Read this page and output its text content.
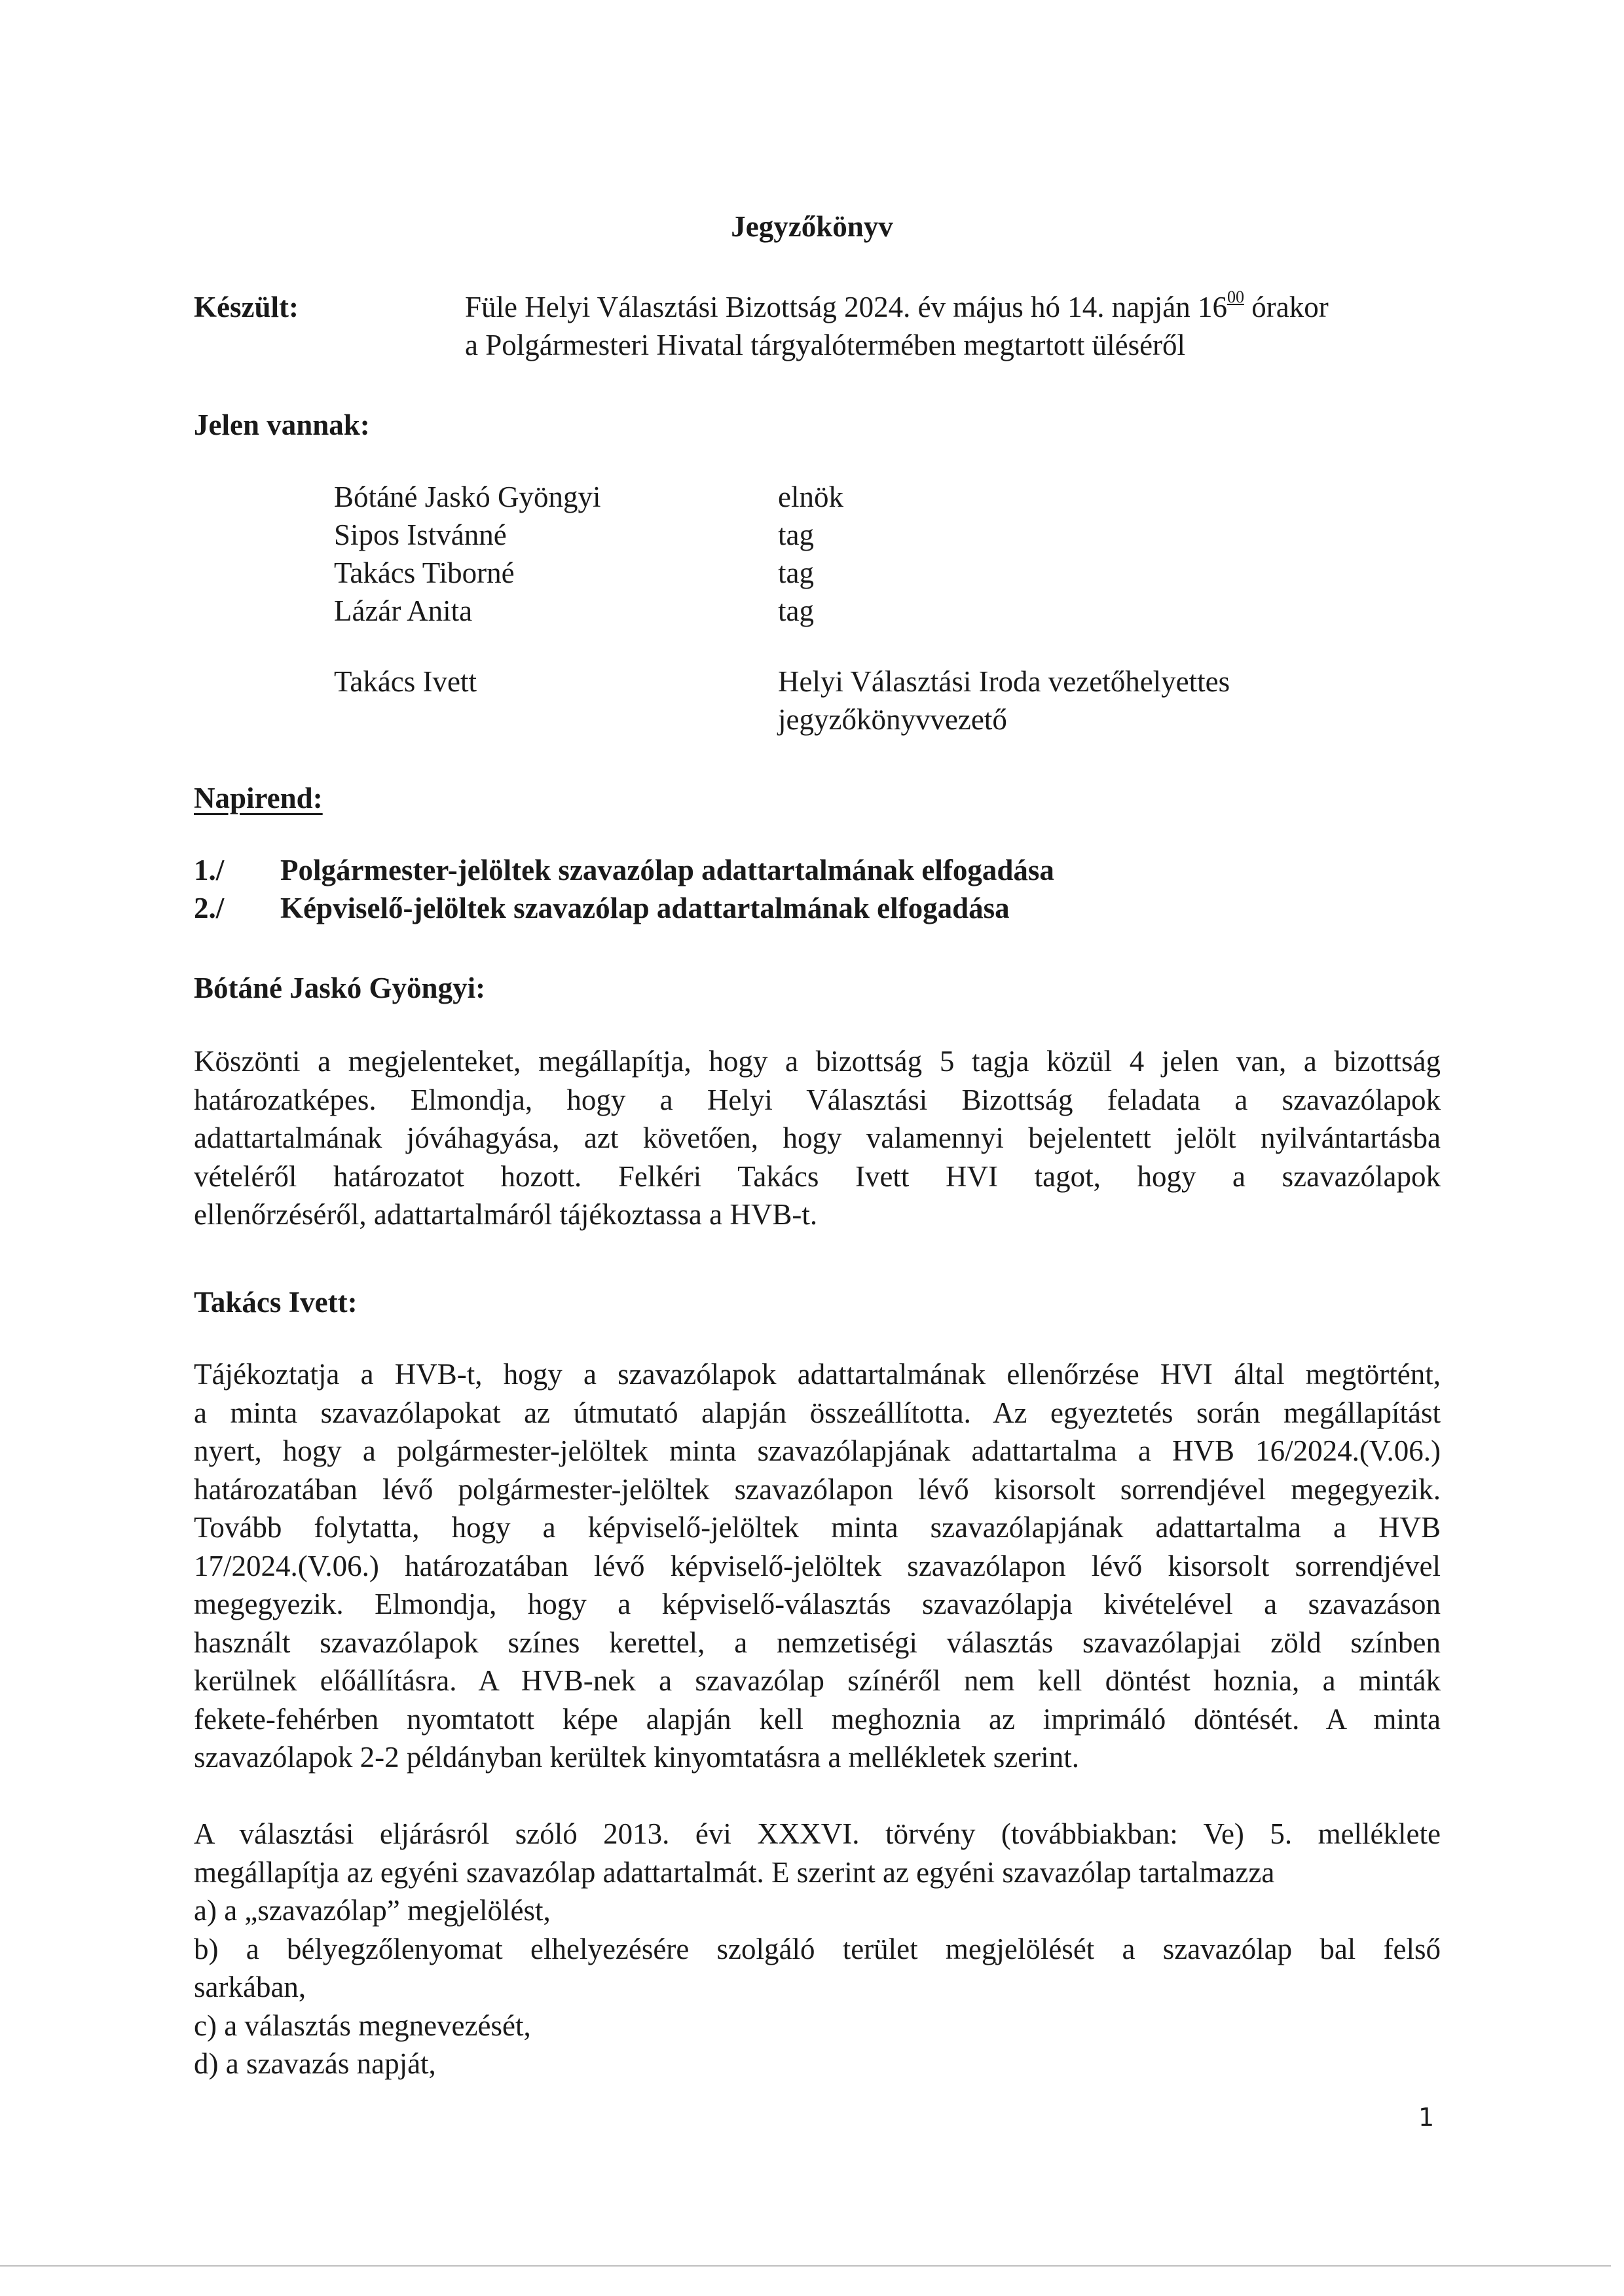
Jegyzőkönyv
Készült:	Füle Helyi Választási Bizottság 2024. év május hó 14. napján $16^{00}$ órakor
a Polgármesteri Hivatal tárgyalótermében megtartott üléséről
Jelen vannak:
Bótáné Jaskó Gyöngyi	elnök
Sipos Istvánné	tag
Takács Tiborné	tag
Lázár Anita	tag
Takács Ivett	Helyi Választási Iroda vezetőhelyettes
jegyzőkönyvvezető
Napirend:
1./ Polgármester-jelöltek szavazólap adattartalmának elfogadása
2./ Képviselő-jelöltek szavazólap adattartalmának elfogadása
Bótáné Jaskó Gyöngyi:
Köszönti a megjelenteket, megállapítja, hogy a bizottság 5 tagja közül 4 jelen van, a bizottság
határozatképes. Elmondja, hogy a Helyi Választási Bizottság feladata a szavazólapok
adattartalmának jóváhagyása, azt követően, hogy valamennyi bejelentett jelölt nyilvántartásba
vételéről határozatot hozott. Felkéri Takács Ivett HVI tagot, hogy a szavazólapok
ellenőrzéséről, adattartalmáról tájékoztassa a HVB-t.
Takács Ivett:
Tájékoztatja a HVB-t, hogy a szavazólapok adattartalmának ellenőrzése HVI által megtörtént,
a minta szavazólapokat az útmutató alapján összeállította. Az egyeztetés során megállapítást
nyert, hogy a polgármester-jelöltek minta szavazólapjának adattartalma a HVB 16/2024.(V.06.)
határozatában lévő polgármester-jelöltek szavazólapon lévő kisorsolt sorrendjével megegyezik.
Tovább folytatta, hogy a képviselő-jelöltek minta szavazólapjának adattartalma a HVB
17/2024.(V.06.) határozatában lévő képviselő-jelöltek szavazólapon lévő kisorsolt sorrendjével
megegyezik. Elmondja, hogy a képviselő-választás szavazólapja kivételével a szavazáson
használt szavazólapok színes kerettel, a nemzetiségi választás szavazólapjai zöld színben
kerülnek előállításra. A HVB-nek a szavazólap színéről nem kell döntést hoznia, a minták
fekete-fehérben nyomtatott képe alapján kell meghoznia az imprimáló döntését. A minta
szavazólapok 2-2 példányban kerültek kinyomtatásra a mellékletek szerint.
A választási eljárásról szóló 2013. évi XXXVI. törvény (továbbiakban: Ve) 5. melléklete
megállapítja az egyéni szavazólap adattartalmát. E szerint az egyéni szavazólap tartalmazza
a) a „szavazólap” megjelölést,
b) a bélyegzőlenyomat elhelyezésére szolgáló terület megjelölését a szavazólap bal felső
sarkában,
c) a választás megnevezését,
d) a szavazás napját,
1
